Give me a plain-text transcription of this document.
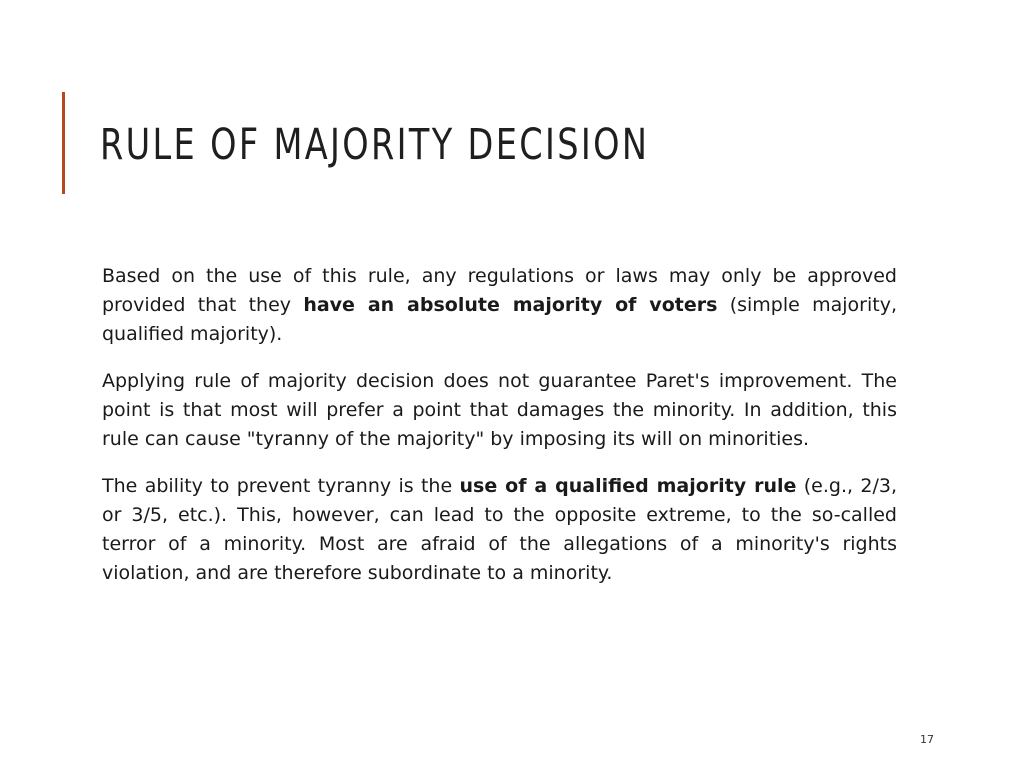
RULE OF MAJORITY DECISION

Based on the use of this rule, any regulations or laws may only be approved provided that they have an absolute majority of voters (simple majority, qualified majority).

Applying rule of majority decision does not guarantee Paret's improvement. The point is that most will prefer a point that damages the minority. In addition, this rule can cause "tyranny of the majority" by imposing its will on minorities.

The ability to prevent tyranny is the use of a qualified majority rule (e.g., 2/3, or 3/5, etc.). This, however, can lead to the opposite extreme, to the so-called terror of a minority. Most are afraid of the allegations of a minority's rights violation, and are therefore subordinate to a minority.

17
